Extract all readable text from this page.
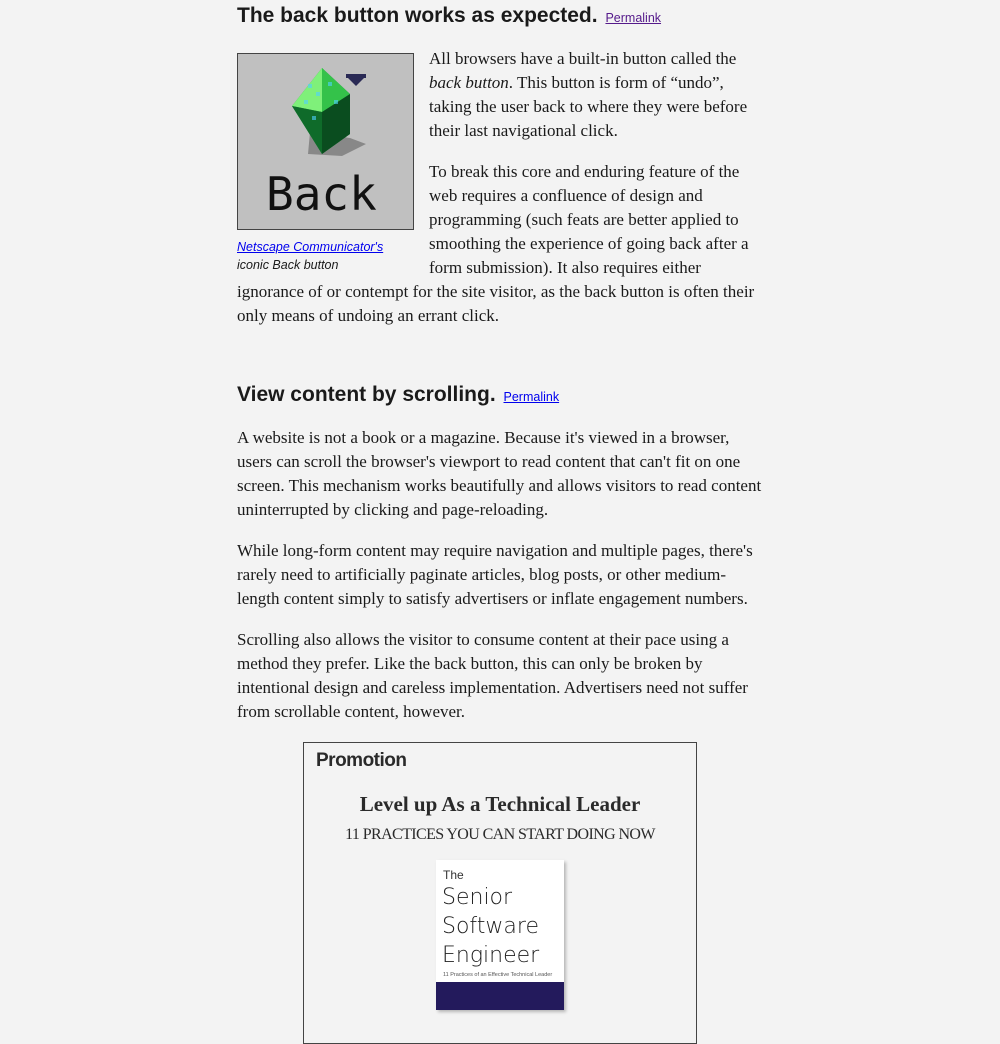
The back button works as expected. Permalink
Back
Netscape Communicator's
iconic Back button

All browsers have a built-in button called the back button. This button is form of “undo”, taking the user back to where they were before their last navigational click.

To break this core and enduring feature of the web requires a confluence of design and programming (such feats are better applied to smoothing the experience of going back after a form submission). It also requires either ignorance of or contempt for the site visitor, as the back button is often their only means of undoing an errant click.

View content by scrolling. Permalink

A website is not a book or a magazine. Because it's viewed in a browser, users can scroll the browser's viewport to read content that can't fit on one screen. This mechanism works beautifully and allows visitors to read content uninterrupted by clicking and page-reloading.

While long-form content may require navigation and multiple pages, there's rarely need to artificially paginate articles, blog posts, or other medium-length content simply to satisfy advertisers or inflate engagement numbers.

Scrolling also allows the visitor to consume content at their pace using a method they prefer. Like the back button, this can only be broken by intentional design and careless implementation. Advertisers need not suffer from scrollable content, however.

Promotion
Level up As a Technical Leader
11 PRACTICES YOU CAN START DOING NOW
The
Senior
Software
Engineer
11 Practices of an Effective Technical Leader
